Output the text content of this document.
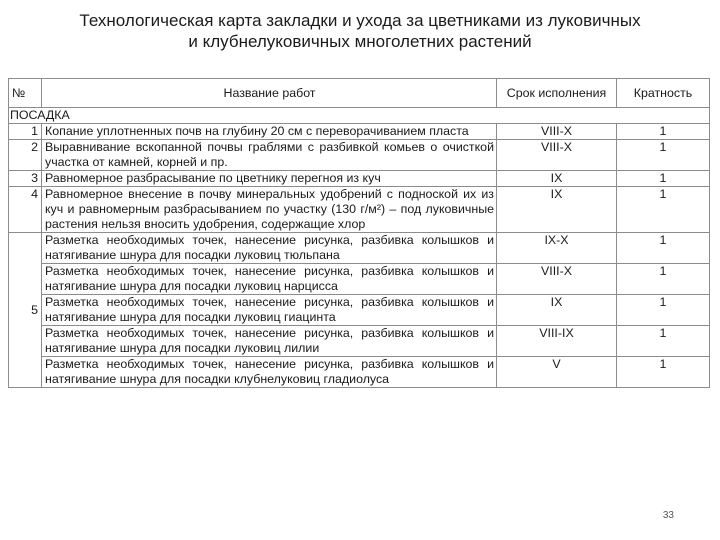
Технологическая карта закладки и ухода за цветниками из луковичных
и клубнелуковичных многолетних растений
№	Название работ	Срок исполнения	Кратность
ПОСАДКА			
1	Копание уплотненных почв на глубину 20 см с переворачиванием пласта	VIII-X	1
2	Выравнивание вскопанной почвы граблями с разбивкой комьев о очисткой участка от камней, корней и пр.	VIII-X	1
3	Равномерное разбрасывание по цветнику перегноя из куч	IX	1
4	Равномерное внесение в почву минеральных удобрений с подноской их из куч и равномерным разбрасыванием по участку (130 г/м²) – под луковичные растения нельзя вносить удобрения, содержащие хлор	IX	1
5	Разметка необходимых точек, нанесение рисунка, разбивка колышков и натягивание шнура для посадки луковиц тюльпана	IX-X	1
	Разметка необходимых точек, нанесение рисунка, разбивка колышков и натягивание шнура для посадки луковиц нарцисса	VIII-X	1
	Разметка необходимых точек, нанесение рисунка, разбивка колышков и натягивание шнура для посадки луковиц гиацинта	IX	1
	Разметка необходимых точек, нанесение рисунка, разбивка колышков и натягивание шнура для посадки луковиц лилии	VIII-IX	1
	Разметка необходимых точек, нанесение рисунка, разбивка колышков и натягивание шнура для посадки клубнелуковиц гладиолуса	V	1
33
